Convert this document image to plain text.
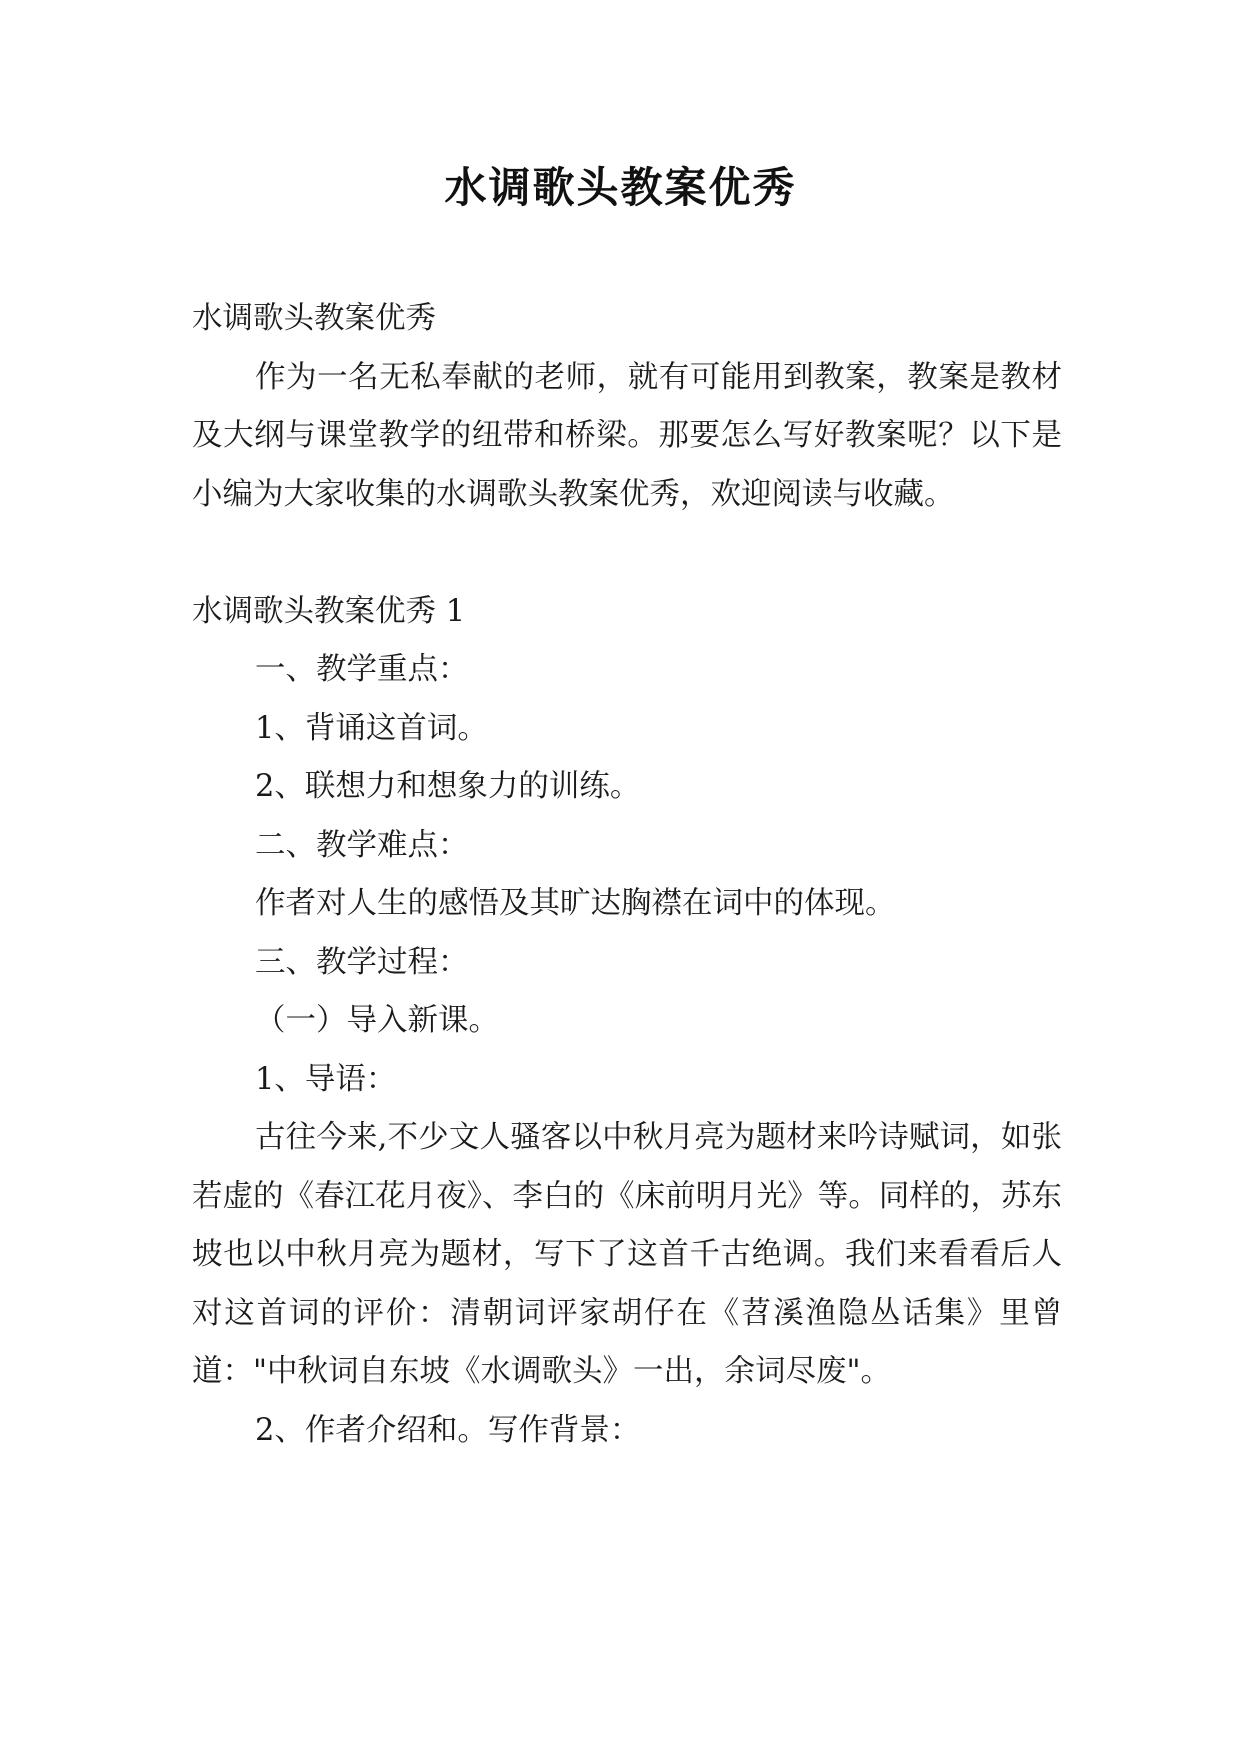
水调歌头教案优秀

水调歌头教案优秀

作为一名无私奉献的老师，就有可能用到教案，教案是教材及大纲与课堂教学的纽带和桥梁。那要怎么写好教案呢？以下是小编为大家收集的水调歌头教案优秀，欢迎阅读与收藏。

水调歌头教案优秀 1

一、教学重点：

1、背诵这首词。

2、联想力和想象力的训练。

二、教学难点：

作者对人生的感悟及其旷达胸襟在词中的体现。

三、教学过程：

（一）导入新课。

1、导语：

古往今来,不少文人骚客以中秋月亮为题材来吟诗赋词，如张若虚的《春江花月夜》、李白的《床前明月光》等。同样的，苏东坡也以中秋月亮为题材，写下了这首千古绝调。我们来看看后人对这首词的评价：清朝词评家胡仔在《苕溪渔隐丛话集》里曾道："中秋词自东坡《水调歌头》一出，余词尽废"。

2、作者介绍和。写作背景：
